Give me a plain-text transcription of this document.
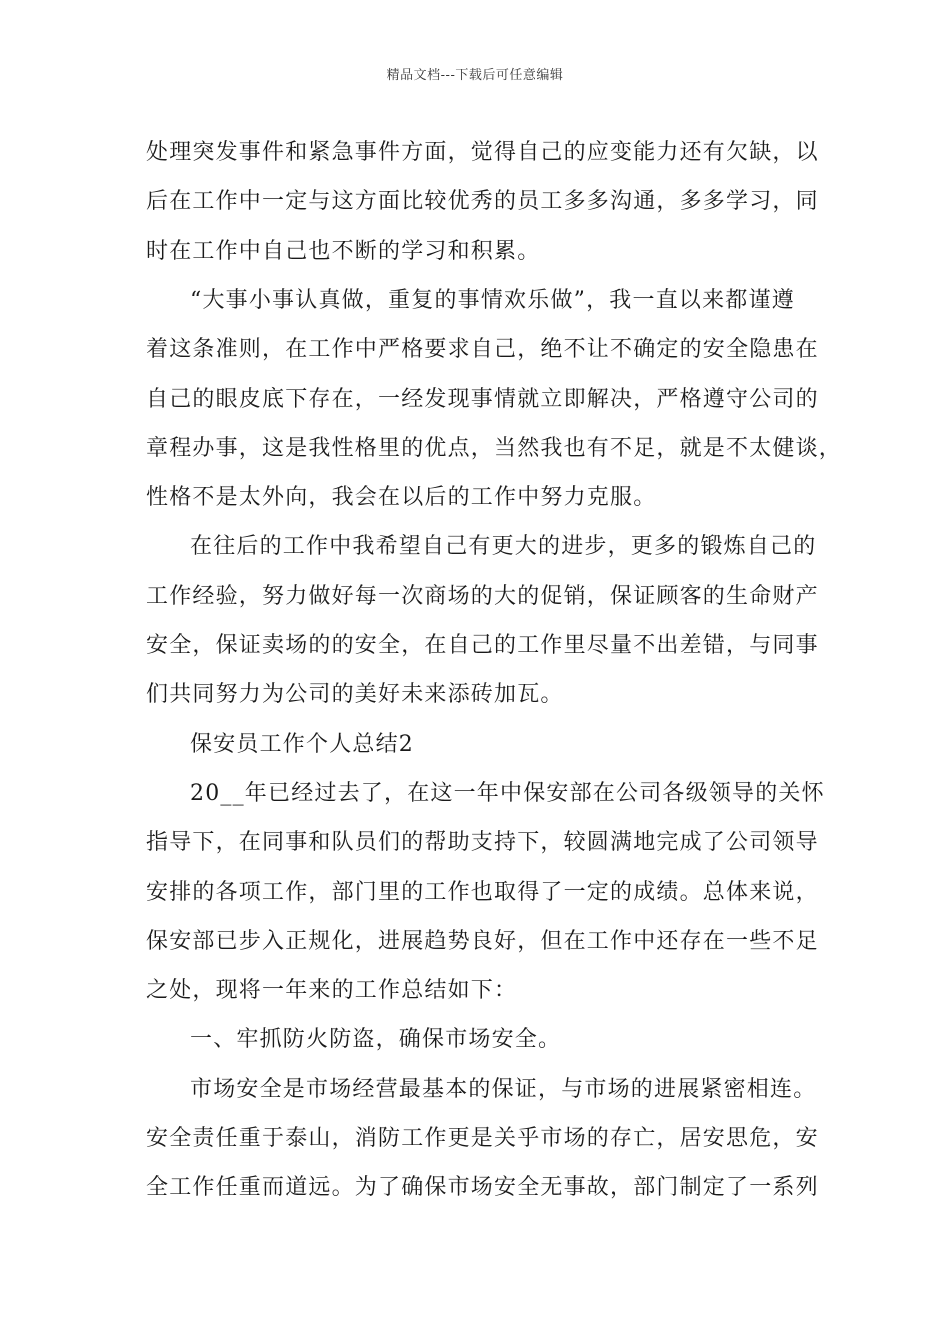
精品文档---下载后可任意编辑
处理突发事件和紧急事件方面，觉得自己的应变能力还有欠缺，以
后在工作中一定与这方面比较优秀的员工多多沟通，多多学习，同
时在工作中自己也不断的学习和积累。
“大事小事认真做，重复的事情欢乐做”，我一直以来都谨遵
着这条准则，在工作中严格要求自己，绝不让不确定的安全隐患在
自己的眼皮底下存在，一经发现事情就立即解决，严格遵守公司的
章程办事，这是我性格里的优点，当然我也有不足，就是不太健谈，
性格不是太外向，我会在以后的工作中努力克服。
在往后的工作中我希望自己有更大的进步，更多的锻炼自己的
工作经验，努力做好每一次商场的大的促销，保证顾客的生命财产
安全，保证卖场的的安全，在自己的工作里尽量不出差错，与同事
们共同努力为公司的美好未来添砖加瓦。
保安员工作个人总结2
20__年已经过去了，在这一年中保安部在公司各级领导的关怀
指导下，在同事和队员们的帮助支持下，较圆满地完成了公司领导
安排的各项工作，部门里的工作也取得了一定的成绩。总体来说，
保安部已步入正规化，进展趋势良好，但在工作中还存在一些不足
之处，现将一年来的工作总结如下：
一、牢抓防火防盗，确保市场安全。
市场安全是市场经营最基本的保证，与市场的进展紧密相连。
安全责任重于泰山，消防工作更是关乎市场的存亡，居安思危，安
全工作任重而道远。为了确保市场安全无事故，部门制定了一系列
